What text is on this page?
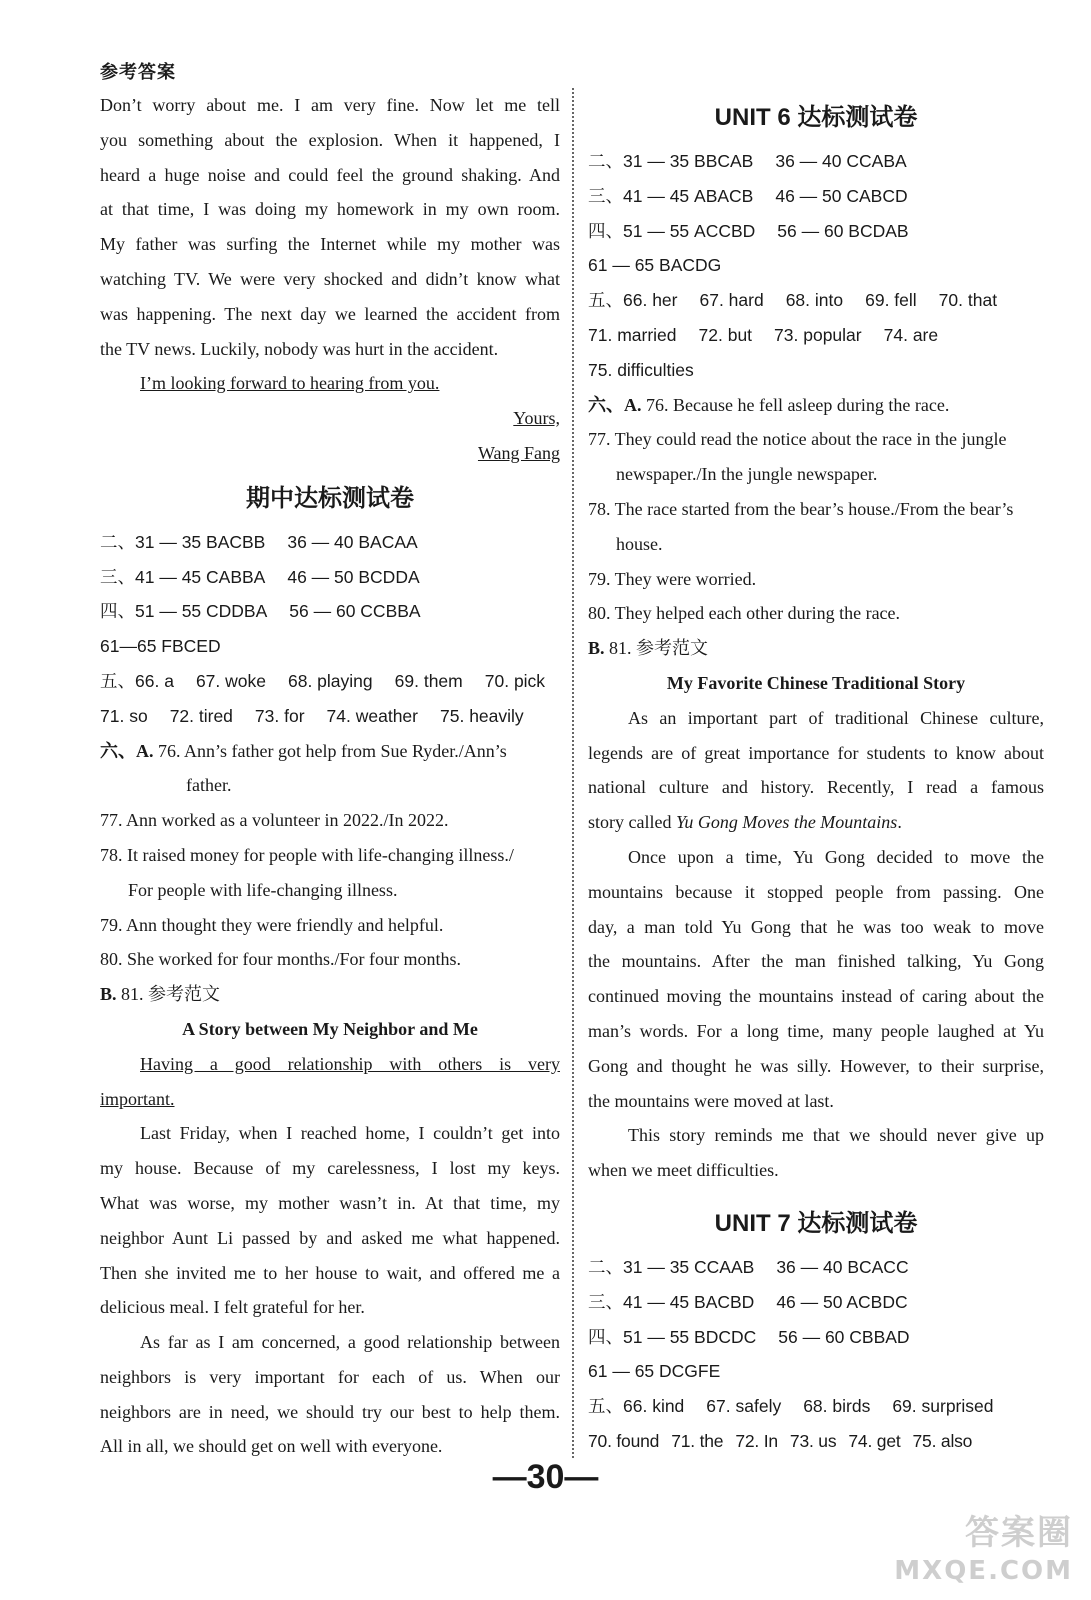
参考答案
Don’t worry about me. I am very fine. Now let me tell
you something about the explosion. When it happened, I
heard a huge noise and could feel the ground shaking. And
at that time, I was doing my homework in my own room.
My father was surfing the Internet while my mother was
watching TV. We were very shocked and didn’t know what
was happening. The next day we learned the accident from
the TV news. Luckily, nobody was hurt in the accident.
I’m looking forward to hearing from you.
Yours,
Wang Fang
期中达标测试卷
二、31 — 35 BACBB 36 — 40 BACAA
三、41 — 45 CABBA 46 — 50 BCDDA
四、51 — 55 CDDBA 56 — 60 CCBBA
61—65 FBCED
五、66. a 67. woke 68. playing 69. them 70. pick
71. so 72. tired 73. for 74. weather 75. heavily
六、A. 76. Ann’s father got help from Sue Ryder./Ann’s
father.
77. Ann worked as a volunteer in 2022./In 2022.
78. It raised money for people with life-changing illness./
For people with life-changing illness.
79. Ann thought they were friendly and helpful.
80. She worked for four months./For four months.
B. 81. 参考范文
A Story between My Neighbor and Me
Having a good relationship with others is very
important.
Last Friday, when I reached home, I couldn’t get into
my house. Because of my carelessness, I lost my keys.
What was worse, my mother wasn’t in. At that time, my
neighbor Aunt Li passed by and asked me what happened.
Then she invited me to her house to wait, and offered me a
delicious meal. I felt grateful for her.
As far as I am concerned, a good relationship between
neighbors is very important for each of us. When our
neighbors are in need, we should try our best to help them.
All in all, we should get on well with everyone.
UNIT 6 达标测试卷
二、31 — 35 BBCAB 36 — 40 CCABA
三、41 — 45 ABACB 46 — 50 CABCD
四、51 — 55 ACCBD 56 — 60 BCDAB
61 — 65 BACDG
五、66. her 67. hard 68. into 69. fell 70. that
71. married 72. but 73. popular 74. are
75. difficulties
六、A. 76. Because he fell asleep during the race.
77. They could read the notice about the race in the jungle
newspaper./In the jungle newspaper.
78. The race started from the bear’s house./From the bear’s
house.
79. They were worried.
80. They helped each other during the race.
B. 81. 参考范文
My Favorite Chinese Traditional Story
As an important part of traditional Chinese culture,
legends are of great importance for students to know about
national culture and history. Recently, I read a famous
story called Yu Gong Moves the Mountains.
Once upon a time, Yu Gong decided to move the
mountains because it stopped people from passing. One
day, a man told Yu Gong that he was too weak to move
the mountains. After the man finished talking, Yu Gong
continued moving the mountains instead of caring about the
man’s words. For a long time, many people laughed at Yu
Gong and thought he was silly. However, to their surprise,
the mountains were moved at last.
This story reminds me that we should never give up
when we meet difficulties.
UNIT 7 达标测试卷
二、31 — 35 CCAAB 36 — 40 BCACC
三、41 — 45 BACBD 46 — 50 ACBDC
四、51 — 55 BDCDC 56 — 60 CBBAD
61 — 65 DCGFE
五、66. kind 67. safely 68. birds 69. surprised
70. found 71. the 72. In 73. us 74. get 75. also
—30—
答案圈
MXQE.COM
